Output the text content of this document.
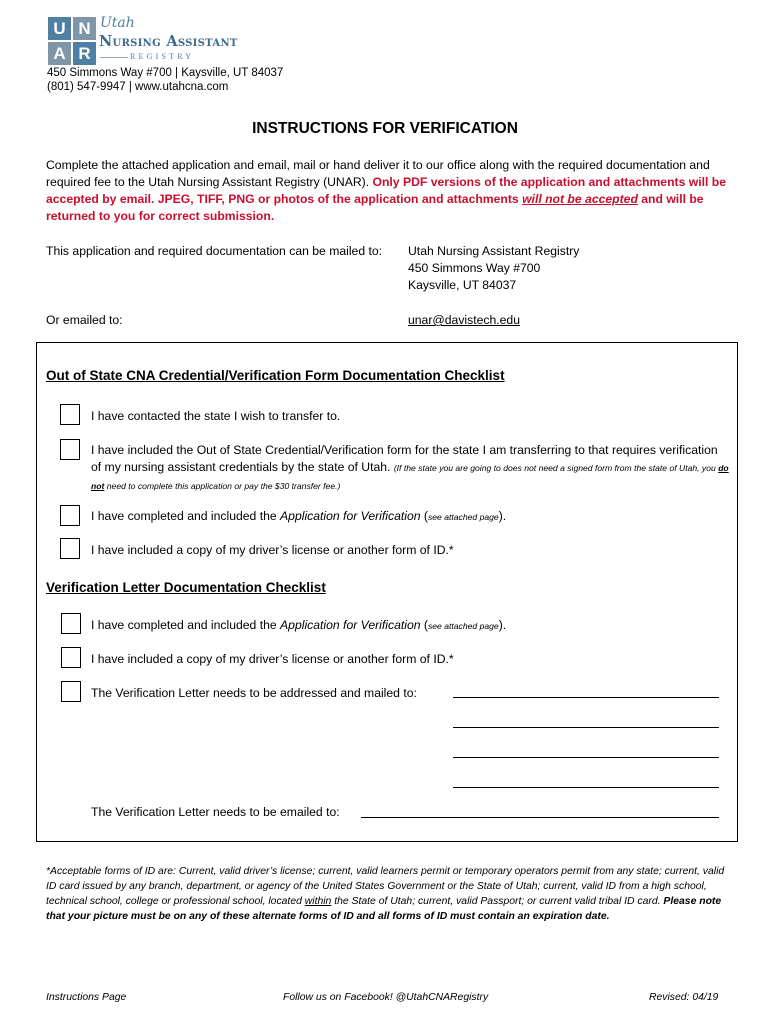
U N
A R
Utah
Nursing Assistant
REGISTRY
450 Simmons Way #700 | Kaysville, UT 84037
(801) 547-9947 | www.utahcna.com
INSTRUCTIONS FOR VERIFICATION
Complete the attached application and email, mail or hand deliver it to our office along with the required documentation and required fee to the Utah Nursing Assistant Registry (UNAR). Only PDF versions of the application and attachments will be accepted by email. JPEG, TIFF, PNG or photos of the application and attachments will not be accepted and will be returned to you for correct submission.
This application and required documentation can be mailed to: Utah Nursing Assistant Registry
450 Simmons Way #700
Kaysville, UT 84037
Or emailed to:	unar@davistech.edu
Out of State CNA Credential/Verification Form Documentation Checklist
I have contacted the state I wish to transfer to.
I have included the Out of State Credential/Verification form for the state I am transferring to that requires verification of my nursing assistant credentials by the state of Utah. (If the state you are going to does not need a signed form from the state of Utah, you do not need to complete this application or pay the $30 transfer fee.)
I have completed and included the Application for Verification (see attached page).
I have included a copy of my driver’s license or another form of ID.*
Verification Letter Documentation Checklist
I have completed and included the Application for Verification (see attached page).
I have included a copy of my driver’s license or another form of ID.*
The Verification Letter needs to be addressed and mailed to:
The Verification Letter needs to be emailed to:
*Acceptable forms of ID are: Current, valid driver’s license; current, valid learners permit or temporary operators permit from any state; current, valid ID card issued by any branch, department, or agency of the United States Government or the State of Utah; current, valid ID from a high school, technical school, college or professional school, located within the State of Utah; current, valid Passport; or current valid tribal ID card. Please note that your picture must be on any of these alternate forms of ID and all forms of ID must contain an expiration date.
Instructions Page	Follow us on Facebook! @UtahCNARegistry	Revised: 04/19
